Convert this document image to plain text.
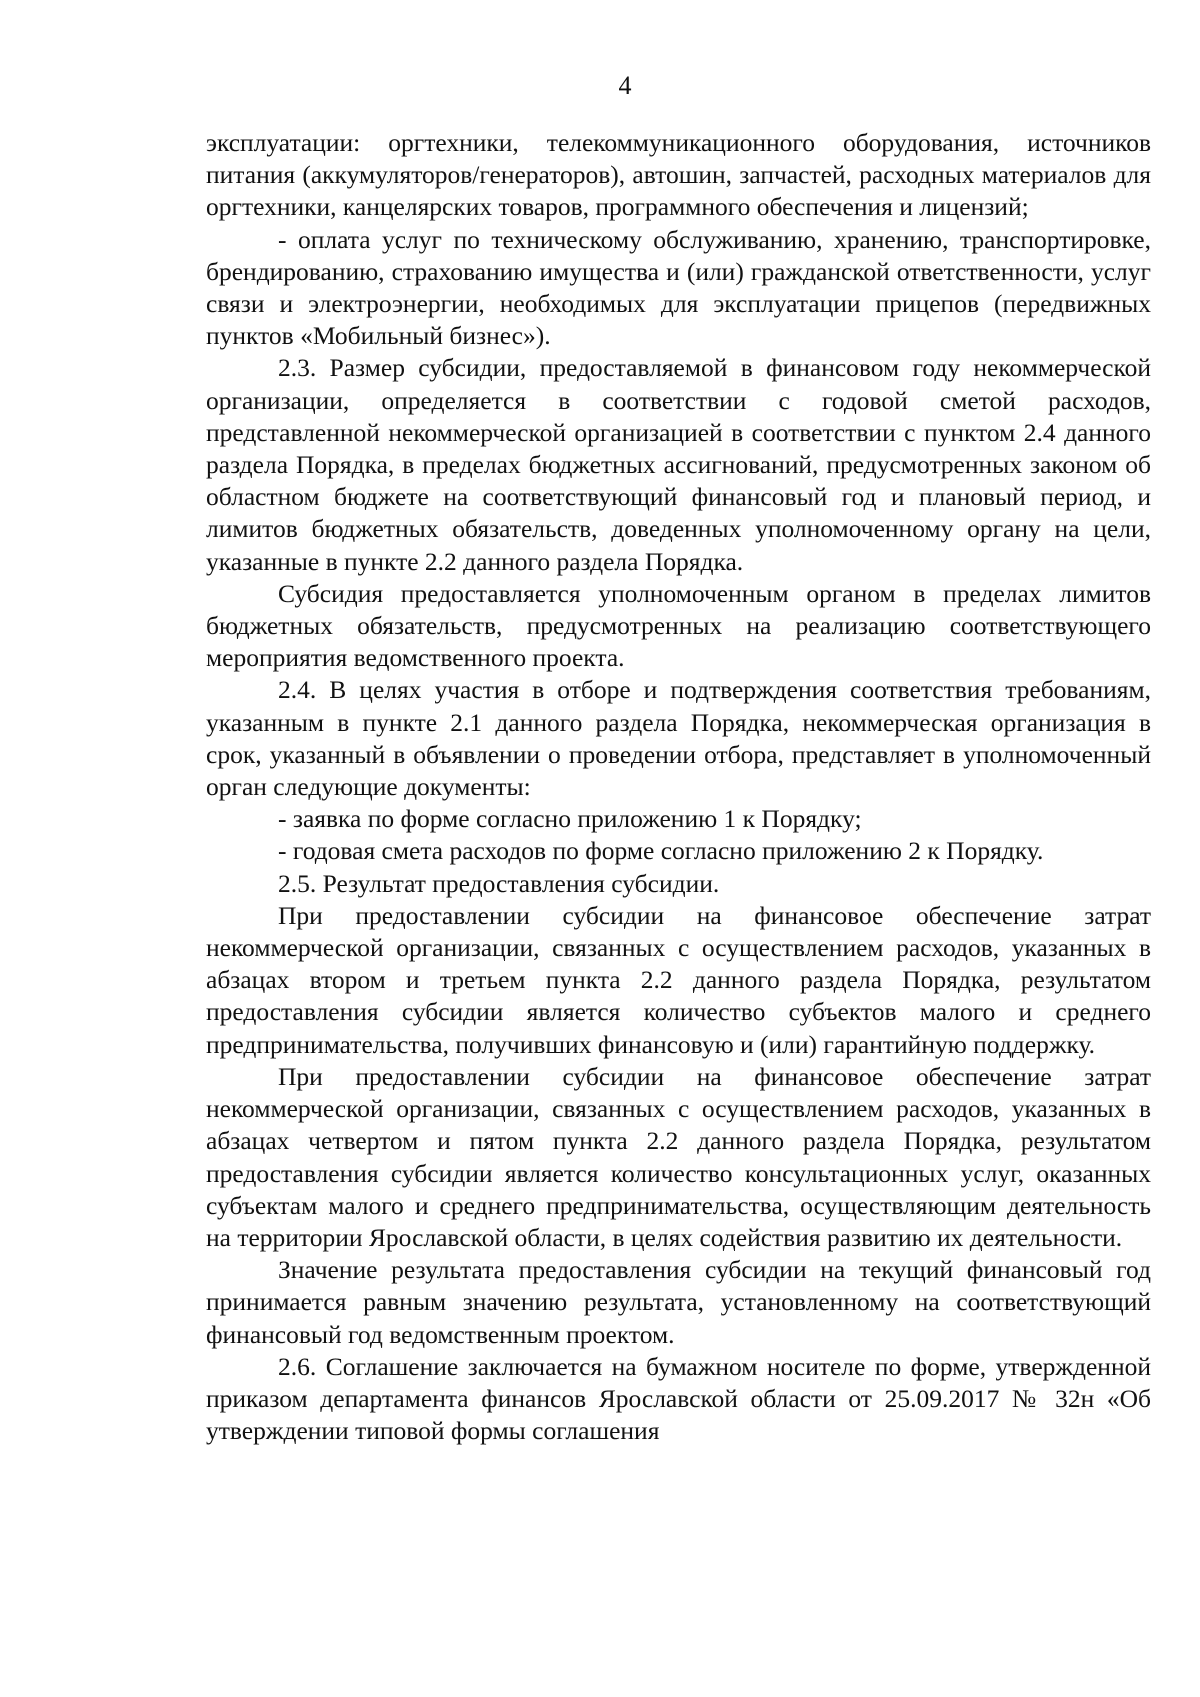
4

эксплуатации: оргтехники, телекоммуникационного оборудования, источников питания (аккумуляторов/генераторов), автошин, запчастей, расходных материалов для оргтехники, канцелярских товаров, программного обеспечения и лицензий;

- оплата услуг по техническому обслуживанию, хранению, транспортировке, брендированию, страхованию имущества и (или) гражданской ответственности, услуг связи и электроэнергии, необходимых для эксплуатации прицепов (передвижных пунктов «Мобильный бизнес»).

2.3. Размер субсидии, предоставляемой в финансовом году некоммерческой организации, определяется в соответствии с годовой сметой расходов, представленной некоммерческой организацией в соответствии с пунктом 2.4 данного раздела Порядка, в пределах бюджетных ассигнований, предусмотренных законом об областном бюджете на соответствующий финансовый год и плановый период, и лимитов бюджетных обязательств, доведенных уполномоченному органу на цели, указанные в пункте 2.2 данного раздела Порядка.

Субсидия предоставляется уполномоченным органом в пределах лимитов бюджетных обязательств, предусмотренных на реализацию соответствующего мероприятия ведомственного проекта.

2.4. В целях участия в отборе и подтверждения соответствия требованиям, указанным в пункте 2.1 данного раздела Порядка, некоммерческая организация в срок, указанный в объявлении о проведении отбора, представляет в уполномоченный орган следующие документы:

- заявка по форме согласно приложению 1 к Порядку;

- годовая смета расходов по форме согласно приложению 2 к Порядку.

2.5. Результат предоставления субсидии.

При предоставлении субсидии на финансовое обеспечение затрат некоммерческой организации, связанных с осуществлением расходов, указанных в абзацах втором и третьем пункта 2.2 данного раздела Порядка, результатом предоставления субсидии является количество субъектов малого и среднего предпринимательства, получивших финансовую и (или) гарантийную поддержку.

При предоставлении субсидии на финансовое обеспечение затрат некоммерческой организации, связанных с осуществлением расходов, указанных в абзацах четвертом и пятом пункта 2.2 данного раздела Порядка, результатом предоставления субсидии является количество консультационных услуг, оказанных субъектам малого и среднего предпринимательства, осуществляющим деятельность на территории Ярославской области, в целях содействия развитию их деятельности.

Значение результата предоставления субсидии на текущий финансовый год принимается равным значению результата, установленному на соответствующий финансовый год ведомственным проектом.

2.6. Соглашение заключается на бумажном носителе по форме, утвержденной приказом департамента финансов Ярославской области от 25.09.2017 № 32н «Об утверждении типовой формы соглашения
